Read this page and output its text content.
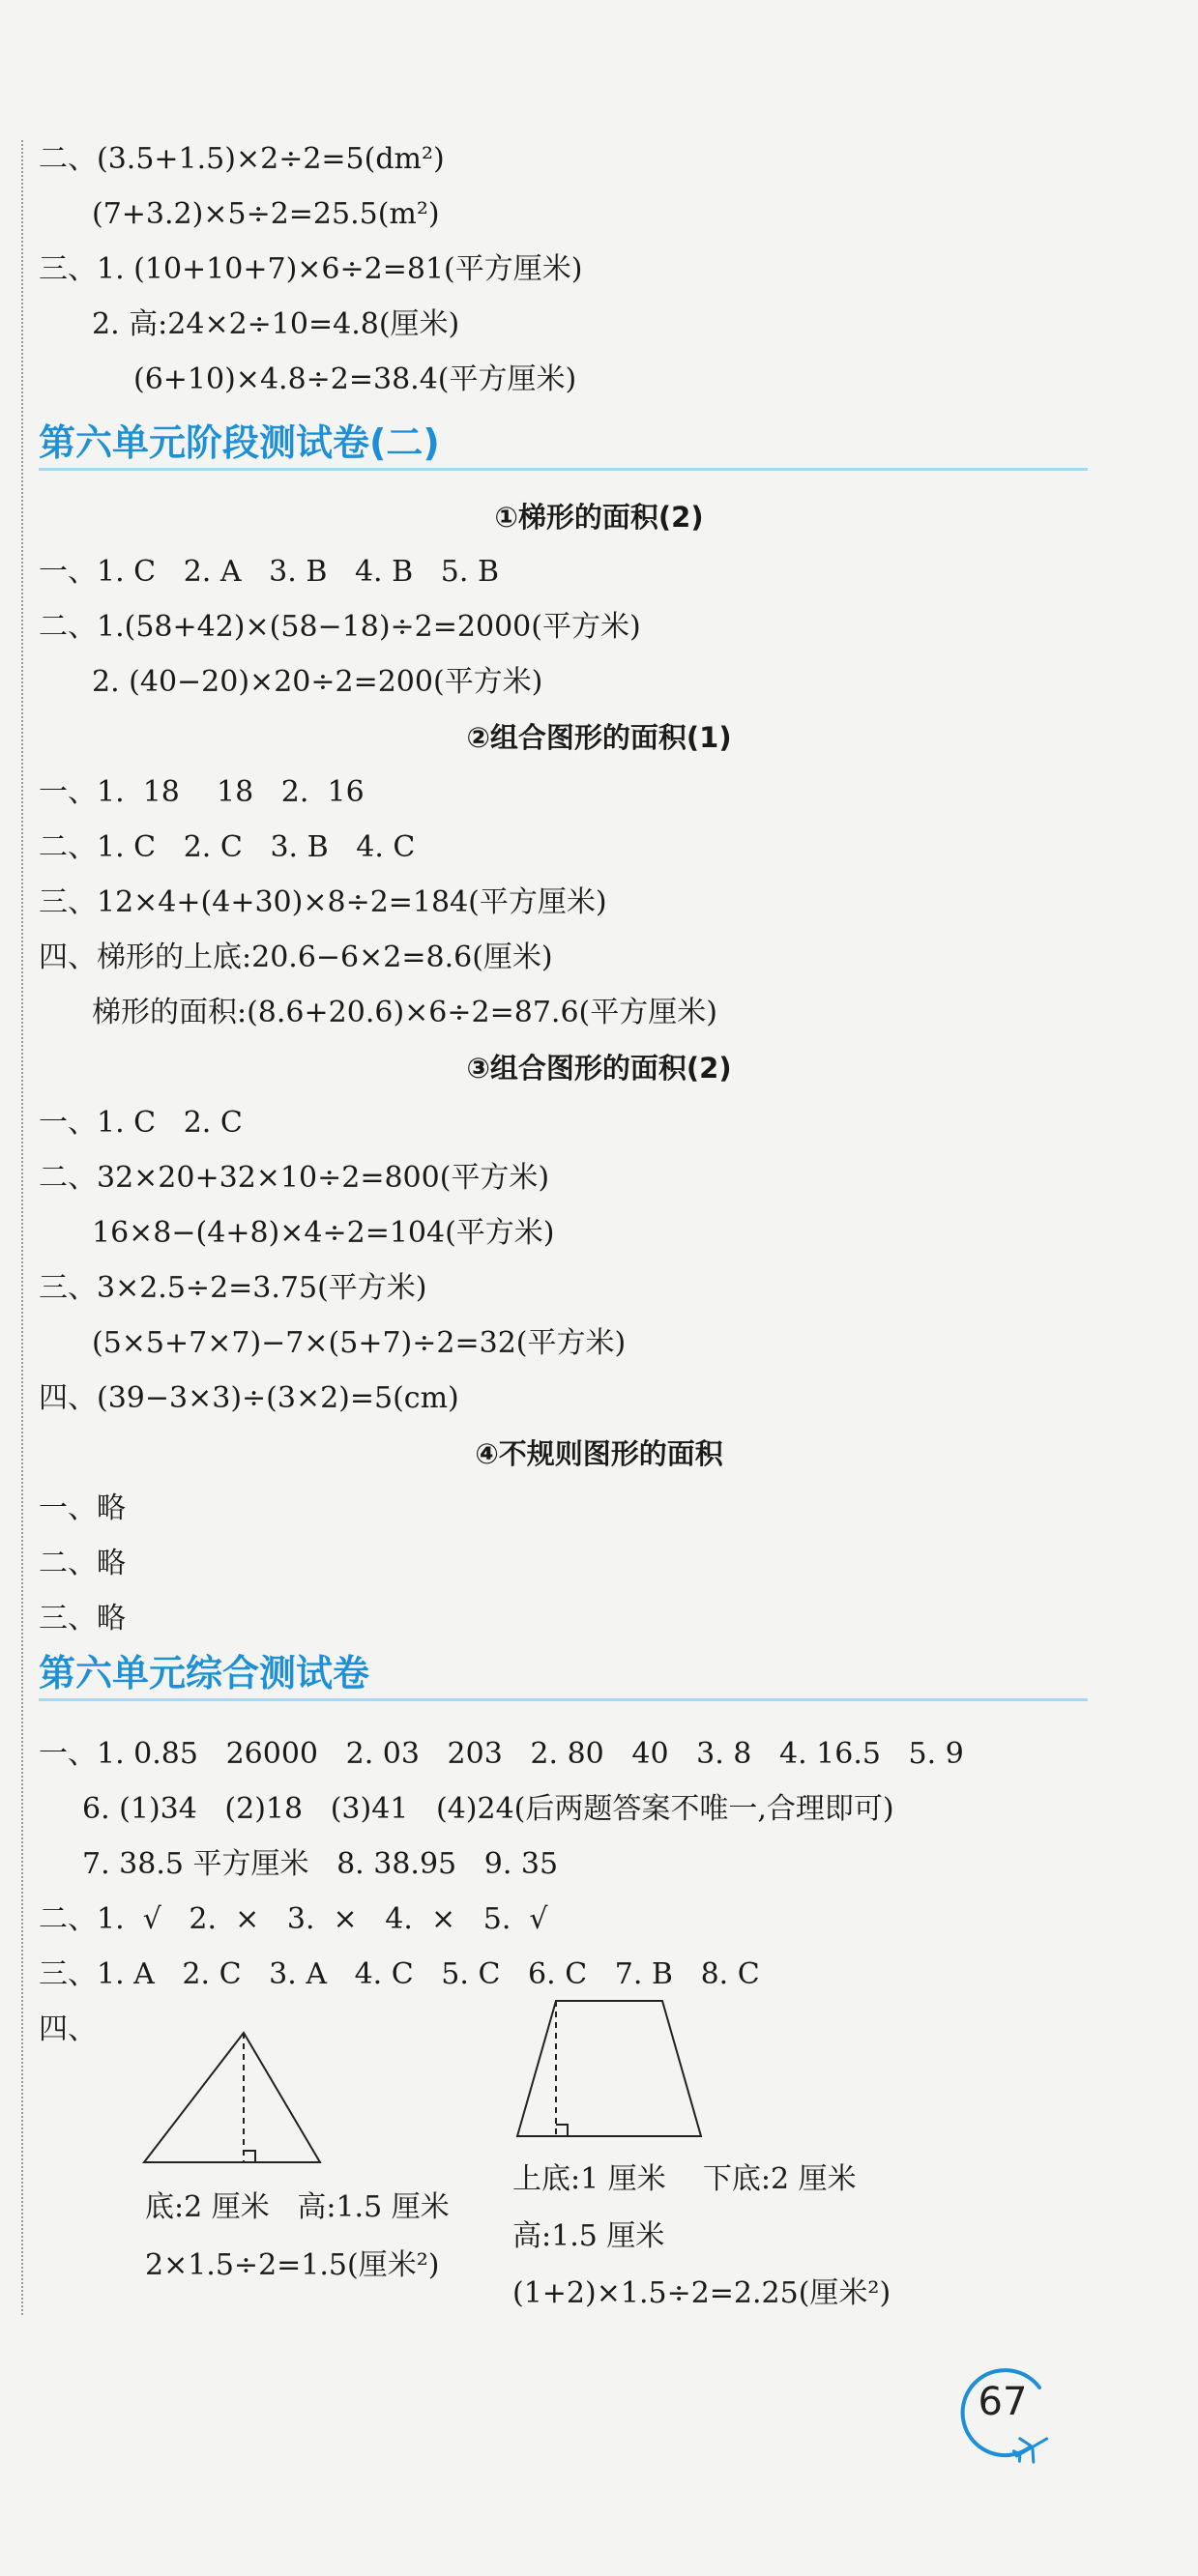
二、(3.5+1.5)×2÷2=5(dm²)
(7+3.2)×5÷2=25.5(m²)
三、1. (10+10+7)×6÷2=81(平方厘米)
2. 高:24×2÷10=4.8(厘米)
(6+10)×4.8÷2=38.4(平方厘米)
第六单元阶段测试卷(二)
①梯形的面积(2)
一、1. C   2. A   3. B   4. B   5. B
二、1.(58+42)×(58−18)÷2=2000(平方米)
2. (40−20)×20÷2=200(平方米)
②组合图形的面积(1)
一、1.  18    18   2.  16
二、1. C   2. C   3. B   4. C
三、12×4+(4+30)×8÷2=184(平方厘米)
四、梯形的上底:20.6−6×2=8.6(厘米)
梯形的面积:(8.6+20.6)×6÷2=87.6(平方厘米)
③组合图形的面积(2)
一、1. C   2. C
二、32×20+32×10÷2=800(平方米)
16×8−(4+8)×4÷2=104(平方米)
三、3×2.5÷2=3.75(平方米)
(5×5+7×7)−7×(5+7)÷2=32(平方米)
四、(39−3×3)÷(3×2)=5(cm)
④不规则图形的面积
一、略
二、略
三、略
第六单元综合测试卷
一、1. 0.85   26000   2. 03   203   2. 80   40   3. 8   4. 16.5   5. 9
6. (1)34   (2)18   (3)41   (4)24(后两题答案不唯一,合理即可)
7. 38.5 平方厘米   8. 38.95   9. 35
二、1.  √   2.  ×   3.  ×   4.  ×   5.  √
三、1. A   2. C   3. A   4. C   5. C   6. C   7. B   8. C
四、
底:2 厘米   高:1.5 厘米
2×1.5÷2=1.5(厘米²)
上底:1 厘米    下底:2 厘米
高:1.5 厘米
(1+2)×1.5÷2=2.25(厘米²)
67
